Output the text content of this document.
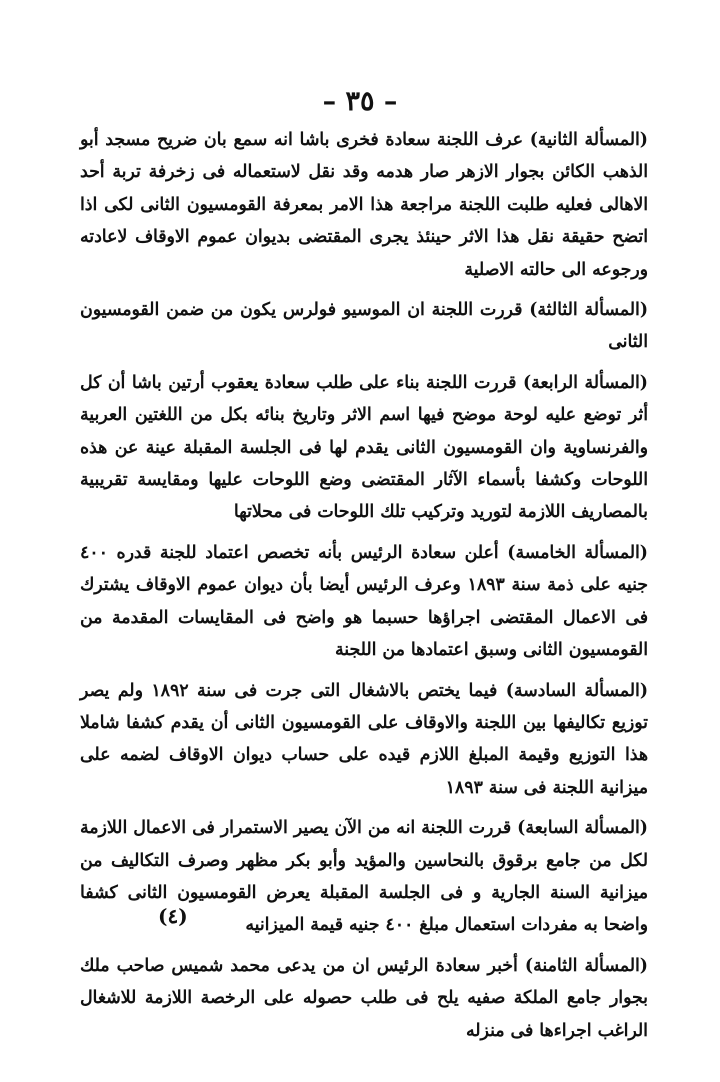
– ٣٥ –

(المسألة الثانية) عرف اللجنة سعادة فخرى باشا انه سمع بان ضريح مسجد أبو الذهب الكائن بجوار الازهر صار هدمه وقد نقل لاستعماله فى زخرفة تربة أحد الاهالى فعليه طلبت اللجنة مراجعة هذا الامر بمعرفة القومسيون الثانى لكى اذا اتضح حقيقة نقل هذا الاثر حينئذ يجرى المقتضى بديوان عموم الاوقاف لاعادته ورجوعه الى حالته الاصلية

(المسألة الثالثة) قررت اللجنة ان الموسيو فولرس يكون من ضمن القومسيون الثانى

(المسألة الرابعة) قررت اللجنة بناء على طلب سعادة يعقوب أرتين باشا أن كل أثر توضع عليه لوحة موضح فيها اسم الاثر وتاريخ بنائه بكل من اللغتين العربية والفرنساوية وان القومسيون الثانى يقدم لها فى الجلسة المقبلة عينة عن هذه اللوحات وكشفا بأسماء الآثار المقتضى وضع اللوحات عليها ومقايسة تقريبية بالمصاريف اللازمة لتوريد وتركيب تلك اللوحات فى محلاتها

(المسألة الخامسة) أعلن سعادة الرئيس بأنه تخصص اعتماد للجنة قدره ٤٠٠ جنيه على ذمة سنة ١٨٩٣ وعرف الرئيس أيضا بأن ديوان عموم الاوقاف يشترك فى الاعمال المقتضى اجراؤها حسبما هو واضح فى المقايسات المقدمة من القومسيون الثانى وسبق اعتمادها من اللجنة

(المسألة السادسة) فيما يختص بالاشغال التى جرت فى سنة ١٨٩٢ ولم يصر توزيع تكاليفها بين اللجنة والاوقاف على القومسيون الثانى أن يقدم كشفا شاملا هذا التوزيع وقيمة المبلغ اللازم قيده على حساب ديوان الاوقاف لضمه على ميزانية اللجنة فى سنة ١٨٩٣

(المسألة السابعة) قررت اللجنة انه من الآن يصير الاستمرار فى الاعمال اللازمة لكل من جامع برقوق بالنحاسين والمؤيد وأبو بكر مظهر وصرف التكاليف من ميزانية السنة الجارية و فى الجلسة المقبلة يعرض القومسيون الثانى كشفا واضحا به مفردات استعمال مبلغ ٤٠٠ جنيه قيمة الميزانيه

(المسألة الثامنة) أخبر سعادة الرئيس ان من يدعى محمد شميس صاحب ملك بجوار جامع الملكة صفيه يلح فى طلب حصوله على الرخصة اللازمة للاشغال الراغب اجراءها فى منزله

(٤)
